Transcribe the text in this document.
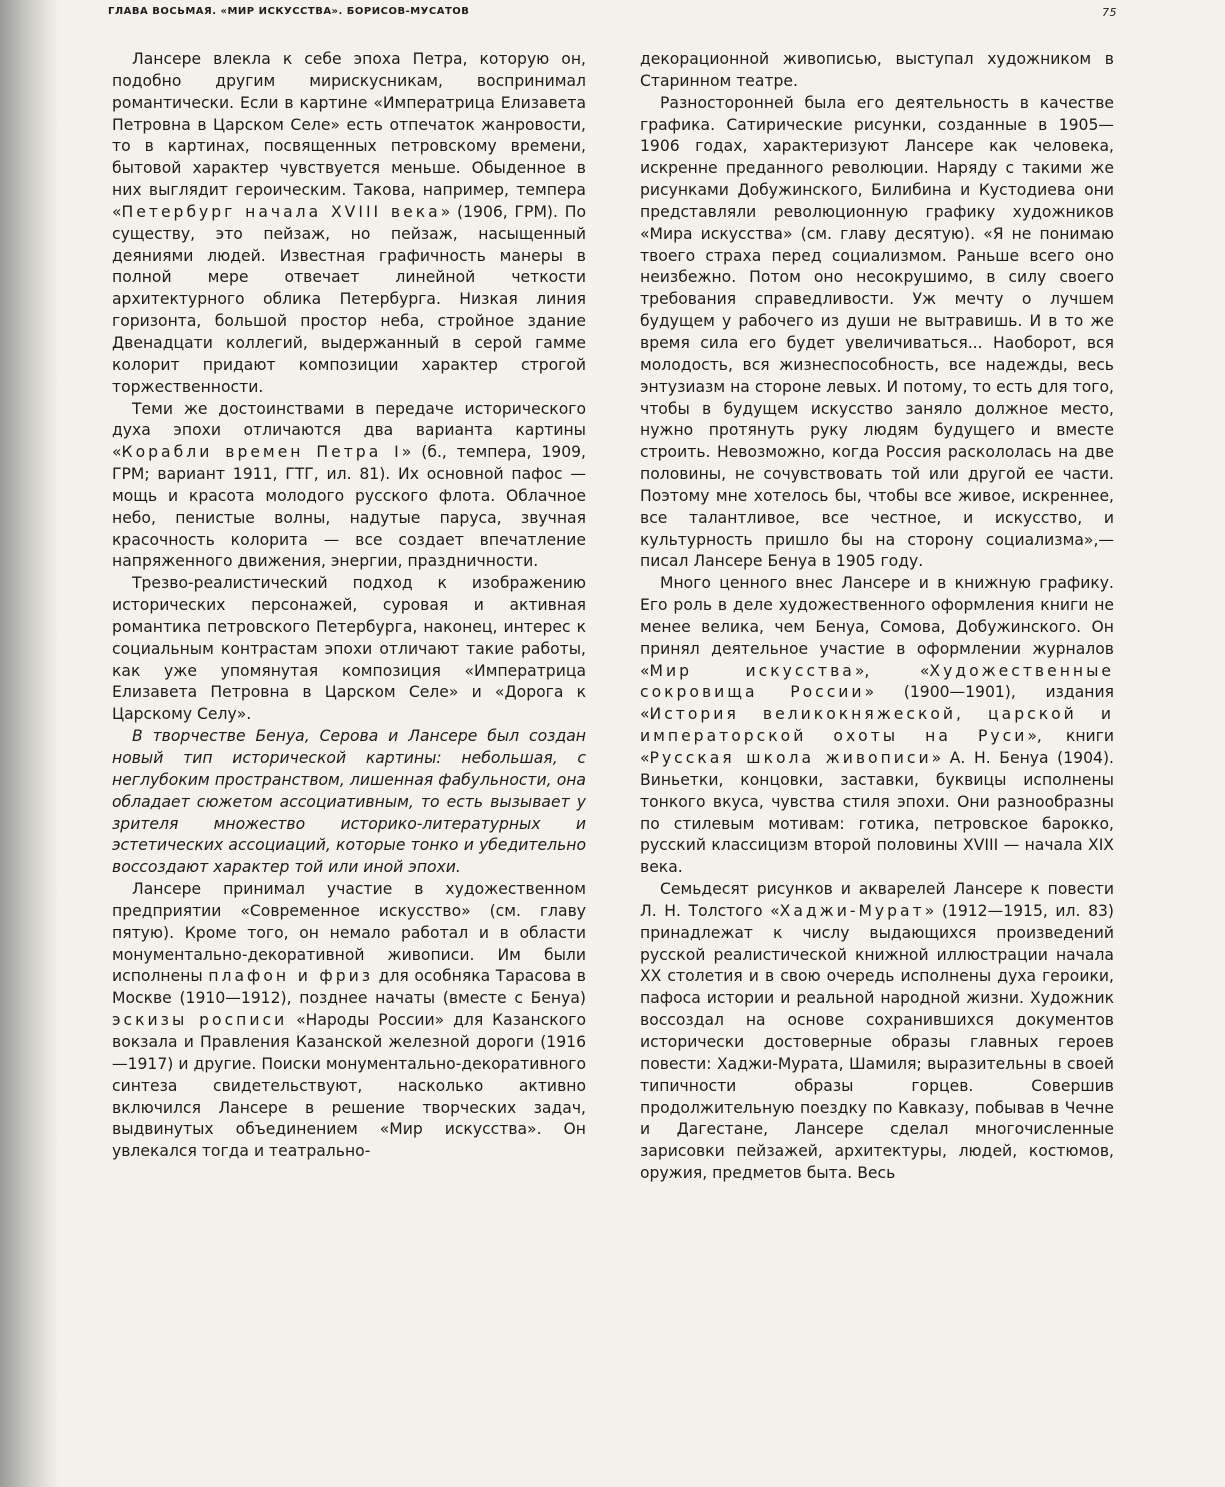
ГЛАВА ВОСЬМАЯ. «МИР ИСКУССТВА». БОРИСОВ-МУСАТОВ	75

Лансере влекла к себе эпоха Петра, которую он, подобно другим мирискусникам, воспринимал романтически. Если в картине «Императрица Елизавета Петровна в Царском Селе» есть отпечаток жанровости, то в картинах, посвященных петровскому времени, бытовой характер чувствуется меньше. Обыденное в них выглядит героическим. Такова, например, темпера «Петербург начала XVIII века» (1906, ГРМ). По существу, это пейзаж, но пейзаж, насыщенный деяниями людей. Известная графичность манеры в полной мере отвечает линейной четкости архитектурного облика Петербурга. Низкая линия горизонта, большой простор неба, стройное здание Двенадцати коллегий, выдержанный в серой гамме колорит придают композиции характер строгой торжественности.

Теми же достоинствами в передаче исторического духа эпохи отличаются два варианта картины «Корабли времен Петра I» (б., темпера, 1909, ГРМ; вариант 1911, ГТГ, ил. 81). Их основной пафос — мощь и красота молодого русского флота. Облачное небо, пенистые волны, надутые паруса, звучная красочность колорита — все создает впечатление напряженного движения, энергии, праздничности.

Трезво-реалистический подход к изображению исторических персонажей, суровая и активная романтика петровского Петербурга, наконец, интерес к социальным контрастам эпохи отличают такие работы, как уже упомянутая композиция «Императрица Елизавета Петровна в Царском Селе» и «Дорога к Царскому Селу».

В творчестве Бенуа, Серова и Лансере был создан новый тип исторической картины: небольшая, с неглубоким пространством, лишенная фабульности, она обладает сюжетом ассоциативным, то есть вызывает у зрителя множество историко-литературных и эстетических ассоциаций, которые тонко и убедительно воссоздают характер той или иной эпохи.

Лансере принимал участие в художественном предприятии «Современное искусство» (см. главу пятую). Кроме того, он немало работал и в области монументально-декоративной живописи. Им были исполнены плафон и фриз для особняка Тарасова в Москве (1910—1912), позднее начаты (вместе с Бенуа) эскизы росписи «Народы России» для Казанского вокзала и Правления Казанской железной дороги (1916—1917) и другие. Поиски монументально-декоративного синтеза свидетельствуют, насколько активно включился Лансере в решение творческих задач, выдвинутых объединением «Мир искусства». Он увлекался тогда и театрально-

декорационной живописью, выступал художником в Старинном театре.

Разносторонней была его деятельность в качестве графика. Сатирические рисунки, созданные в 1905—1906 годах, характеризуют Лансере как человека, искренне преданного революции. Наряду с такими же рисунками Добужинского, Билибина и Кустодиева они представляли революционную графику художников «Мира искусства» (см. главу десятую). «Я не понимаю твоего страха перед социализмом. Раньше всего оно неизбежно. Потом оно несокрушимо, в силу своего требования справедливости. Уж мечту о лучшем будущем у рабочего из души не вытравишь. И в то же время сила его будет увеличиваться... Наоборот, вся молодость, вся жизнеспособность, все надежды, весь энтузиазм на стороне левых. И потому, то есть для того, чтобы в будущем искусство заняло должное место, нужно протянуть руку людям будущего и вместе строить. Невозможно, когда Россия раскололась на две половины, не сочувствовать той или другой ее части. Поэтому мне хотелось бы, чтобы все живое, искреннее, все талантливое, все честное, и искусство, и культурность пришло бы на сторону социализма»,— писал Лансере Бенуа в 1905 году.

Много ценного внес Лансере и в книжную графику. Его роль в деле художественного оформления книги не менее велика, чем Бенуа, Сомова, Добужинского. Он принял деятельное участие в оформлении журналов «Мир искусства», «Художественные сокровища России» (1900—1901), издания «История великокняжеской, царской и императорской охоты на Руси», книги «Русская школа живописи» А. Н. Бенуа (1904). Виньетки, концовки, заставки, буквицы исполнены тонкого вкуса, чувства стиля эпохи. Они разнообразны по стилевым мотивам: готика, петровское барокко, русский классицизм второй половины XVIII — начала XIX века.

Семьдесят рисунков и акварелей Лансере к повести Л. Н. Толстого «Хаджи-Мурат» (1912—1915, ил. 83) принадлежат к числу выдающихся произведений русской реалистической книжной иллюстрации начала XX столетия и в свою очередь исполнены духа героики, пафоса истории и реальной народной жизни. Художник воссоздал на основе сохранившихся документов исторически достоверные образы главных героев повести: Хаджи-Мурата, Шамиля; выразительны в своей типичности образы горцев. Совершив продолжительную поездку по Кавказу, побывав в Чечне и Дагестане, Лансере сделал многочисленные зарисовки пейзажей, архитектуры, людей, костюмов, оружия, предметов быта. Весь
